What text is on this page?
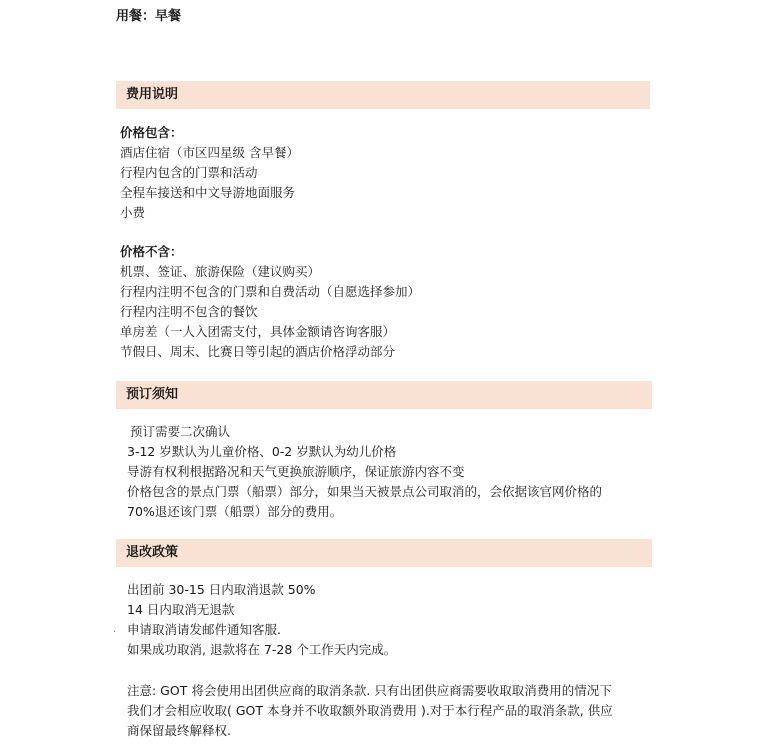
用餐：早餐
费用说明
价格包含：
酒店住宿（市区四星级 含早餐）
行程内包含的门票和活动
全程车接送和中文导游地面服务
小费
价格不含：
机票、签证、旅游保险（建议购买）
行程内注明不包含的门票和自费活动（自愿选择参加）
行程内注明不包含的餐饮
单房差（一人入团需支付，具体金额请咨询客服）
节假日、周末、比赛日等引起的酒店价格浮动部分
预订须知
预订需要二次确认
3-12 岁默认为儿童价格、0-2 岁默认为幼儿价格
导游有权利根据路况和天气更换旅游顺序，保证旅游内容不变
价格包含的景点门票（船票）部分，如果当天被景点公司取消的，会依据该官网价格的
70%退还该门票（船票）部分的费用。
退改政策
·
出团前 30-15 日内取消退款 50%
14 日内取消无退款
申请取消请发邮件通知客服.
如果成功取消, 退款将在 7-28 个工作天内完成。
注意: GOT 将会使用出团供应商的取消条款. 只有出团供应商需要收取取消费用的情况下
我们才会相应收取( GOT 本身并不收取额外取消费用 ).对于本行程产品的取消条款, 供应
商保留最终解释权.
